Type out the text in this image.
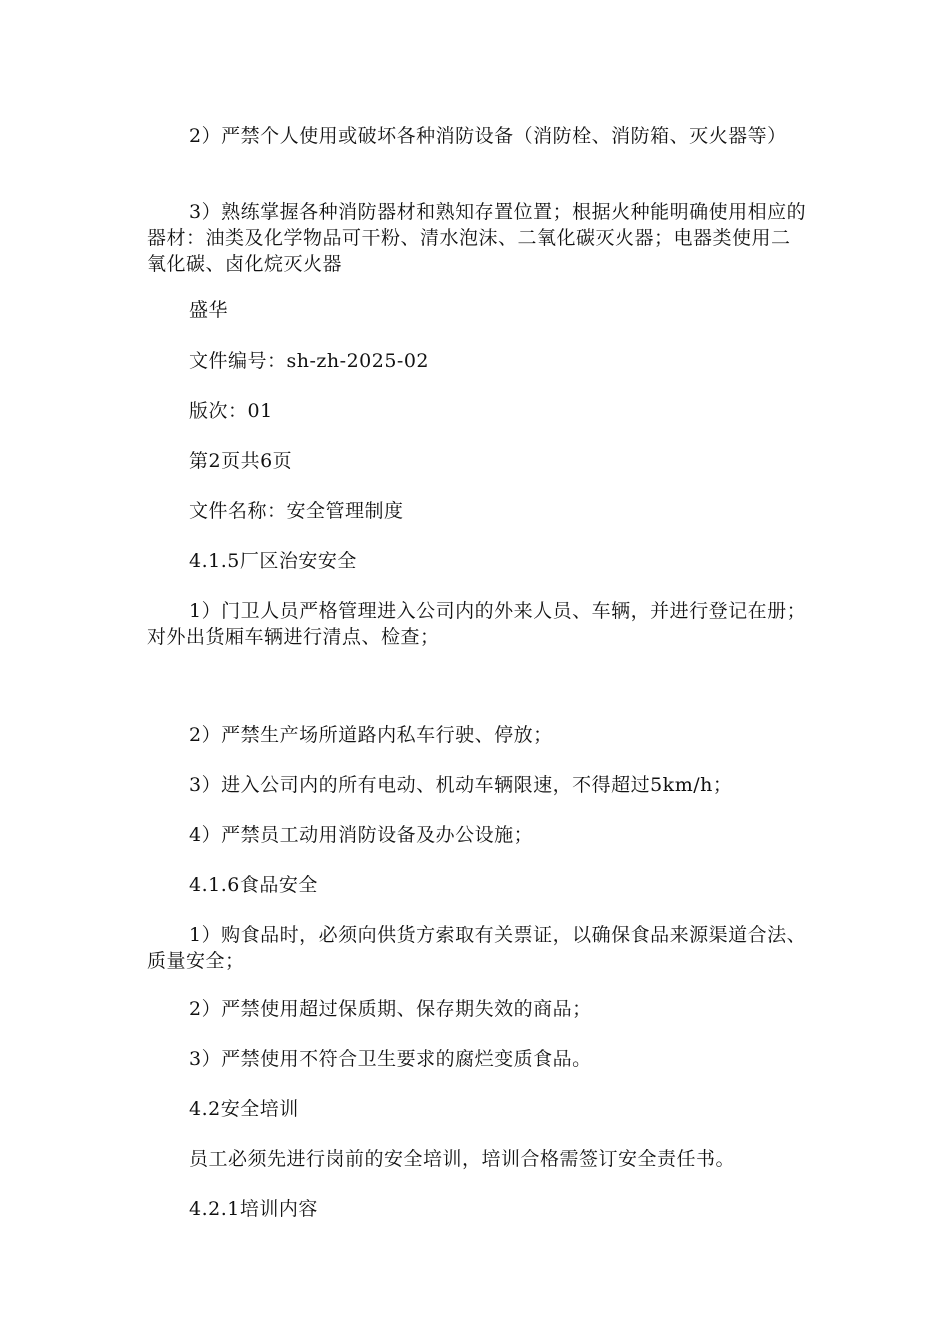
2）严禁个人使用或破坏各种消防设备（消防栓、消防箱、灭火器等）

3）熟练掌握各种消防器材和熟知存置位置；根据火种能明确使用相应的器材：油类及化学物品可干粉、清水泡沫、二氧化碳灭火器；电器类使用二氧化碳、卤化烷灭火器

盛华

文件编号：sh-zh-2025-02

版次：01

第2页共6页

文件名称：安全管理制度

4.1.5厂区治安安全

1）门卫人员严格管理进入公司内的外来人员、车辆，并进行登记在册；对外出货厢车辆进行清点、检查；

2）严禁生产场所道路内私车行驶、停放；

3）进入公司内的所有电动、机动车辆限速，不得超过5km/h；

4）严禁员工动用消防设备及办公设施；

4.1.6食品安全

1）购食品时，必须向供货方索取有关票证，以确保食品来源渠道合法、质量安全；

2）严禁使用超过保质期、保存期失效的商品；

3）严禁使用不符合卫生要求的腐烂变质食品。

4.2安全培训

员工必须先进行岗前的安全培训，培训合格需签订安全责任书。

4.2.1培训内容
